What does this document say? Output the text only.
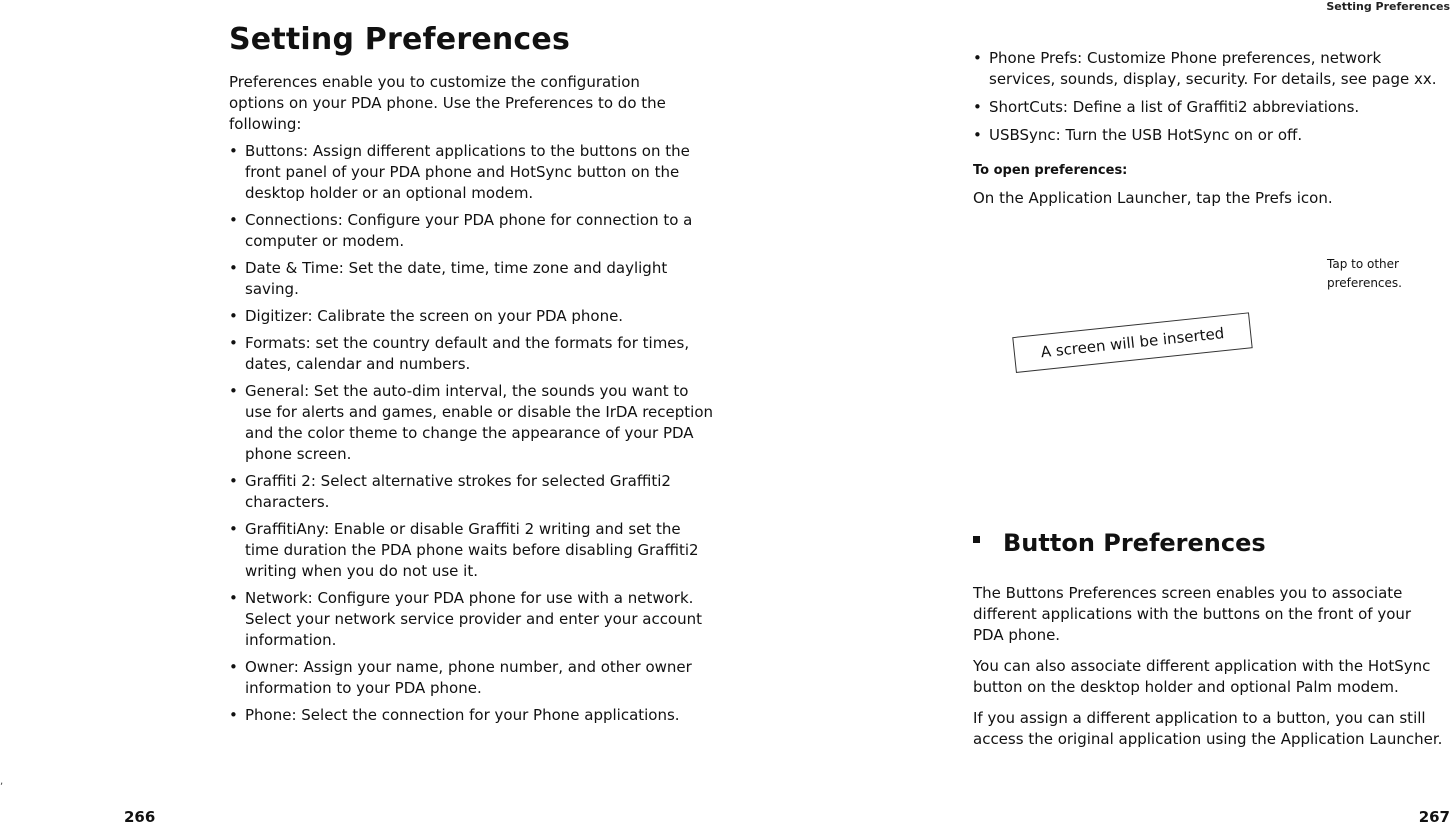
Setting Preferences
Setting Preferences

Preferences enable you to customize the configuration options on your PDA phone. Use the Preferences to do the following:

• Buttons: Assign different applications to the buttons on the front panel of your PDA phone and HotSync button on the desktop holder or an optional modem.
• Connections: Configure your PDA phone for connection to a computer or modem.
• Date & Time: Set the date, time, time zone and daylight saving.
• Digitizer: Calibrate the screen on your PDA phone.
• Formats: set the country default and the formats for times, dates, calendar and numbers.
• General: Set the auto-dim interval, the sounds you want to use for alerts and games, enable or disable the IrDA reception and the color theme to change the appearance of your PDA phone screen.
• Graffiti 2: Select alternative strokes for selected Graffiti2 characters.
• GraffitiAny: Enable or disable Graffiti 2 writing and set the time duration the PDA phone waits before disabling Graffiti2 writing when you do not use it.
• Network: Configure your PDA phone for use with a network. Select your network service provider and enter your account information.
• Owner: Assign your name, phone number, and other owner information to your PDA phone.
• Phone: Select the connection for your Phone applications.
• Phone Prefs: Customize Phone preferences, network services, sounds, display, security. For details, see page xx.
• ShortCuts: Define a list of Graffiti2 abbreviations.
• USBSync: Turn the USB HotSync on or off.
To open preferences:

On the Application Launcher, tap the Prefs icon.

Tap to other preferences.
A screen will be inserted
Button Preferences

The Buttons Preferences screen enables you to associate different applications with the buttons on the front of your PDA phone.

You can also associate different application with the HotSync button on the desktop holder and optional Palm modem.

If you assign a different application to a button, you can still access the original application using the Application Launcher.

,
266	267
